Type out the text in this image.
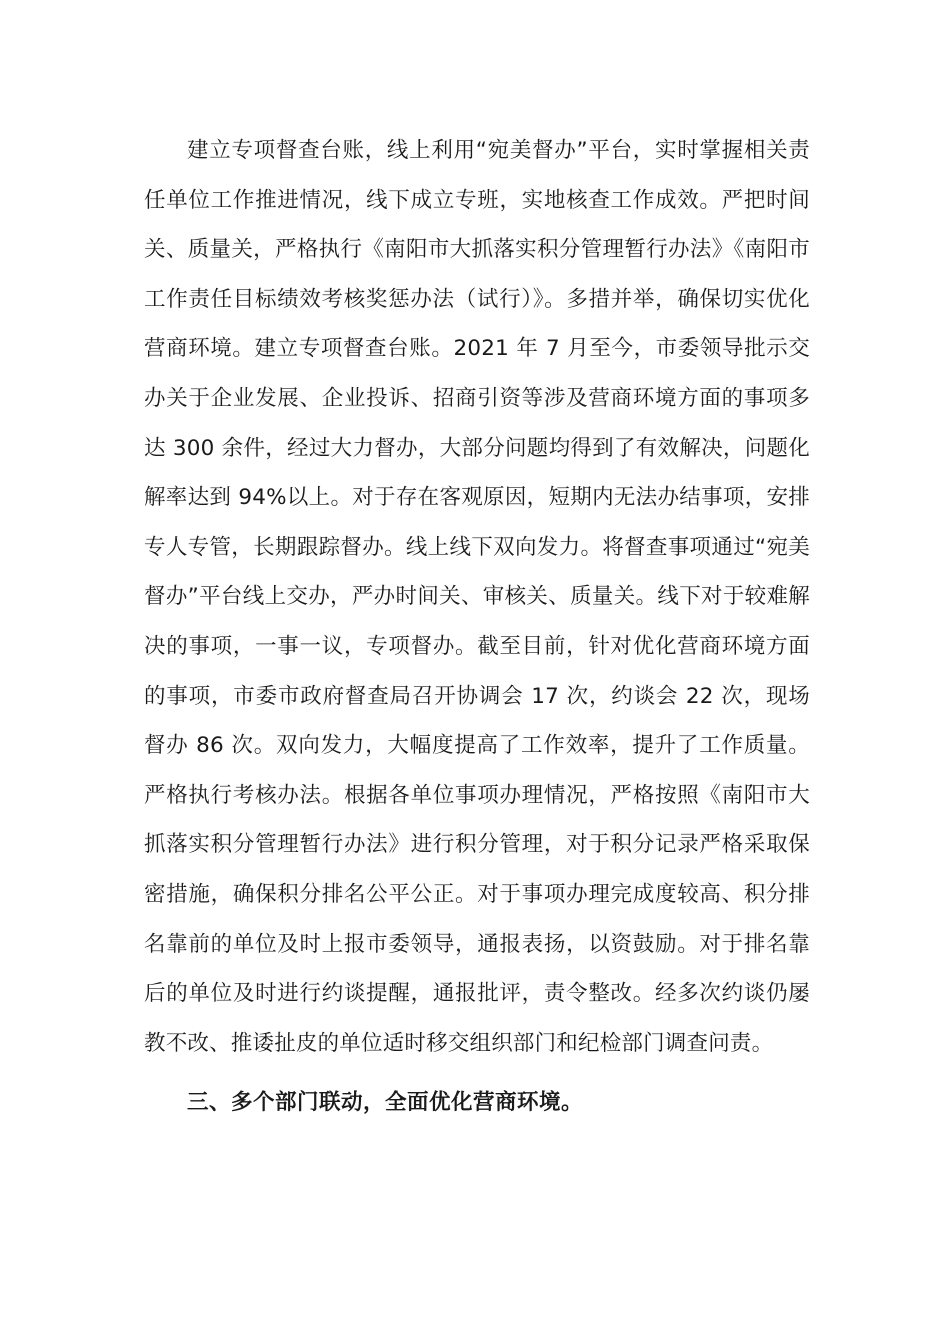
建立专项督查台账，线上利用“宛美督办”平台，实时掌握相关责任单位工作推进情况，线下成立专班，实地核查工作成效。严把时间关、质量关，严格执行《南阳市大抓落实积分管理暂行办法》《南阳市工作责任目标绩效考核奖惩办法（试行）》。多措并举，确保切实优化营商环境。建立专项督查台账。2021 年 7 月至今，市委领导批示交办关于企业发展、企业投诉、招商引资等涉及营商环境方面的事项多达 300 余件，经过大力督办，大部分问题均得到了有效解决，问题化解率达到 94%以上。对于存在客观原因，短期内无法办结事项，安排专人专管，长期跟踪督办。线上线下双向发力。将督查事项通过“宛美督办”平台线上交办，严办时间关、审核关、质量关。线下对于较难解决的事项，一事一议，专项督办。截至目前，针对优化营商环境方面的事项，市委市政府督查局召开协调会 17 次，约谈会 22 次，现场督办 86 次。双向发力，大幅度提高了工作效率，提升了工作质量。严格执行考核办法。根据各单位事项办理情况，严格按照《南阳市大抓落实积分管理暂行办法》进行积分管理，对于积分记录严格采取保密措施，确保积分排名公平公正。对于事项办理完成度较高、积分排名靠前的单位及时上报市委领导，通报表扬，以资鼓励。对于排名靠后的单位及时进行约谈提醒，通报批评，责令整改。经多次约谈仍屡教不改、推诿扯皮的单位适时移交组织部门和纪检部门调查问责。

三、多个部门联动，全面优化营商环境。
